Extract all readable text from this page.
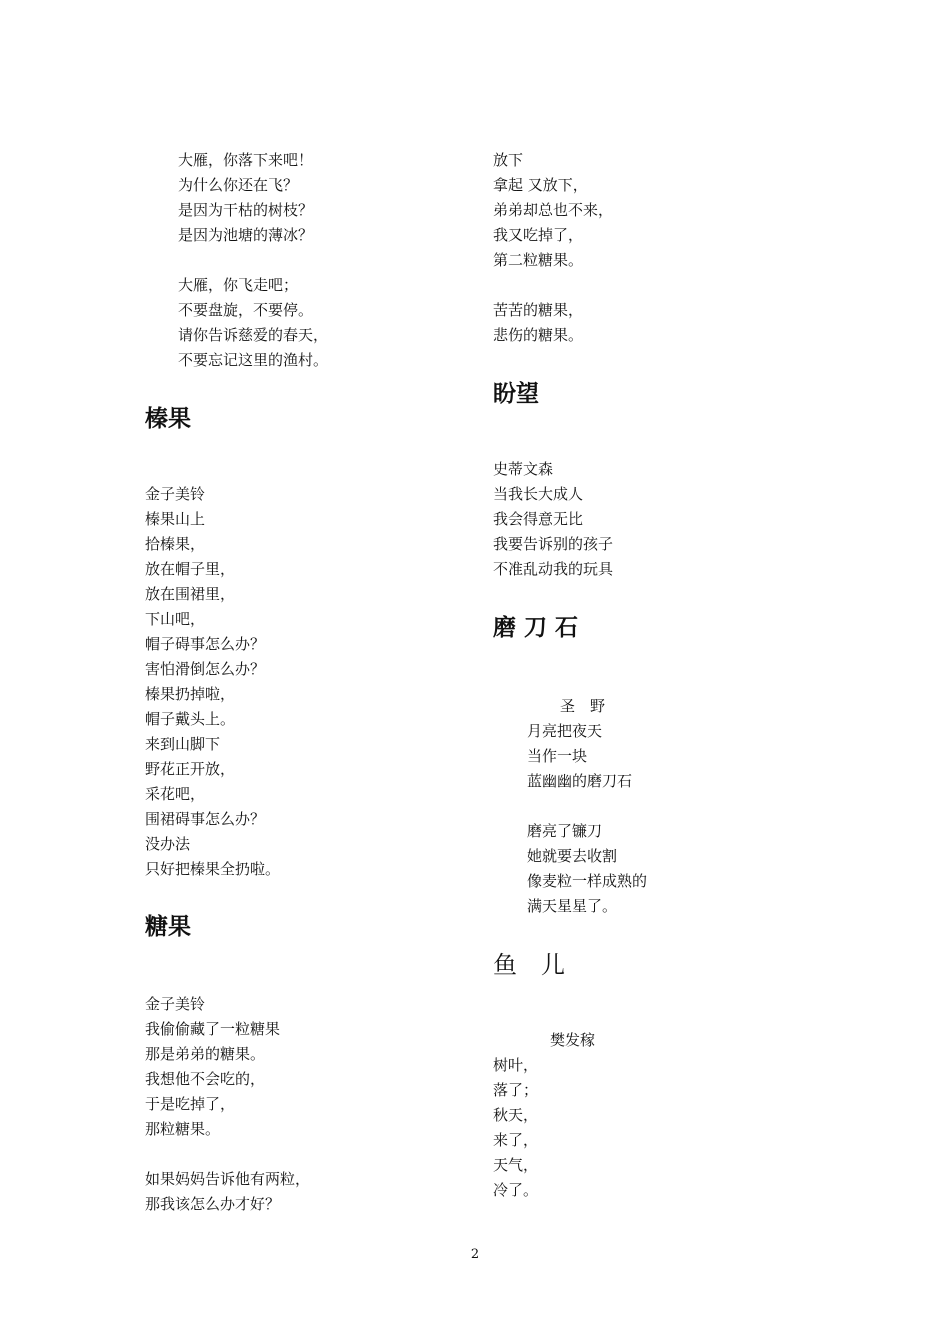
大雁，你落下来吧！
为什么你还在飞？
是因为干枯的树枝？
是因为池塘的薄冰？
大雁，你飞走吧；
不要盘旋，不要停。
请你告诉慈爱的春天，
不要忘记这里的渔村。
榛果
金子美铃
榛果山上
拾榛果，
放在帽子里，
放在围裙里，
下山吧，
帽子碍事怎么办？
害怕滑倒怎么办？
榛果扔掉啦，
帽子戴头上。
来到山脚下
野花正开放，
采花吧，
围裙碍事怎么办？
没办法
只好把榛果全扔啦。
糖果
金子美铃
我偷偷藏了一粒糖果
那是弟弟的糖果。
我想他不会吃的，
于是吃掉了，
那粒糖果。
如果妈妈告诉他有两粒，
那我该怎么办才好？
放下
拿起 又放下，
弟弟却总也不来，
我又吃掉了，
第二粒糖果。
苦苦的糖果，
悲伤的糖果。
盼望
史蒂文森
当我长大成人
我会得意无比
我要告诉别的孩子
不准乱动我的玩具
磨 刀 石
圣　野
月亮把夜天
当作一块
蓝幽幽的磨刀石
磨亮了镰刀
她就要去收割
像麦粒一样成熟的
满天星星了。
鱼　儿
樊发稼
树叶，
落了；
秋天，
来了，
天气，
冷了。
2
